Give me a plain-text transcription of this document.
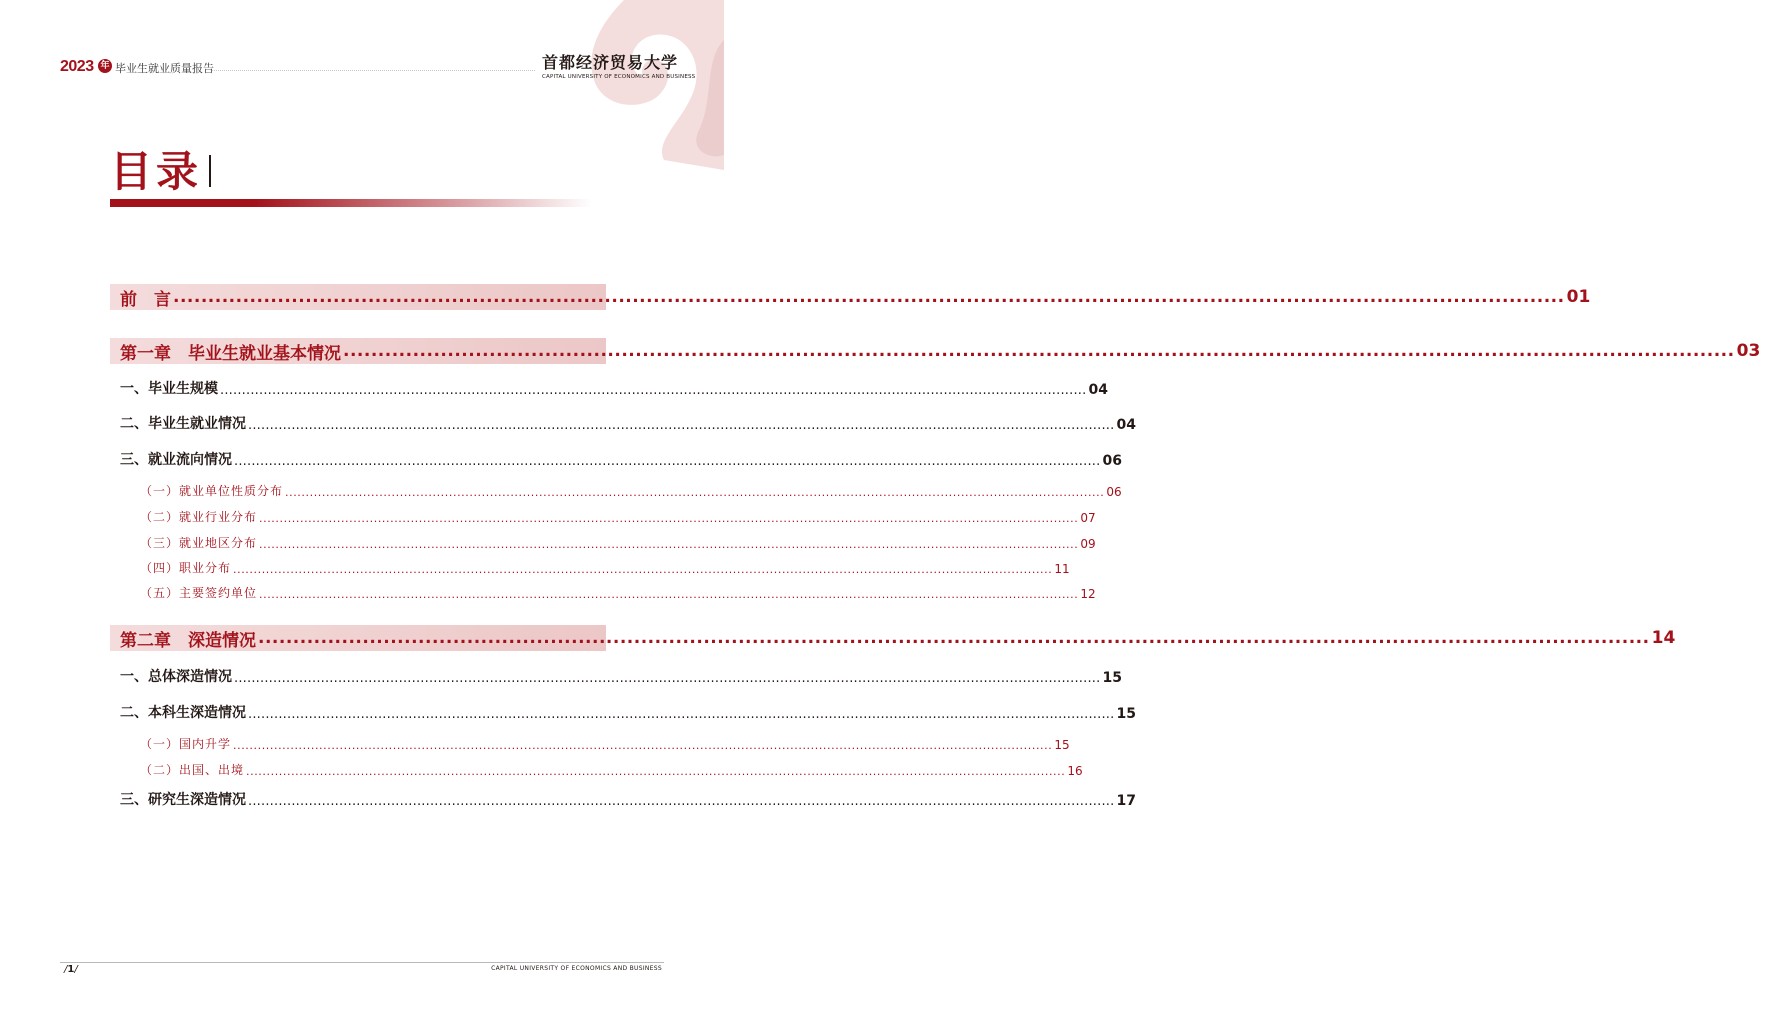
2023 年 毕业生就业质量报告	首都经济贸易大学
CAPITAL UNIVERSITY OF ECONOMICS AND BUSINESS
目录
前　言 ........................................................................................................................................................................................................ 01
第一章　毕业生就业基本情况 ........................................................................................................................................................................................................ 03
一、毕业生规模 ........................................................................................................................................................................................................ 04
二、毕业生就业情况 ........................................................................................................................................................................................................ 04
三、就业流向情况 ........................................................................................................................................................................................................ 06
（一）就业单位性质分布 ........................................................................................................................................................................................................ 06
（二）就业行业分布 ........................................................................................................................................................................................................ 07
（三）就业地区分布 ........................................................................................................................................................................................................ 09
（四）职业分布 ........................................................................................................................................................................................................ 11
（五）主要签约单位 ........................................................................................................................................................................................................ 12
第二章　深造情况 ........................................................................................................................................................................................................ 14
一、总体深造情况 ........................................................................................................................................................................................................ 15
二、本科生深造情况 ........................................................................................................................................................................................................ 15
（一）国内升学 ........................................................................................................................................................................................................ 15
（二）出国、出境 ........................................................................................................................................................................................................ 16
三、研究生深造情况 ........................................................................................................................................................................................................ 17
/1/	CAPITAL UNIVERSITY OF ECONOMICS AND BUSINESS
